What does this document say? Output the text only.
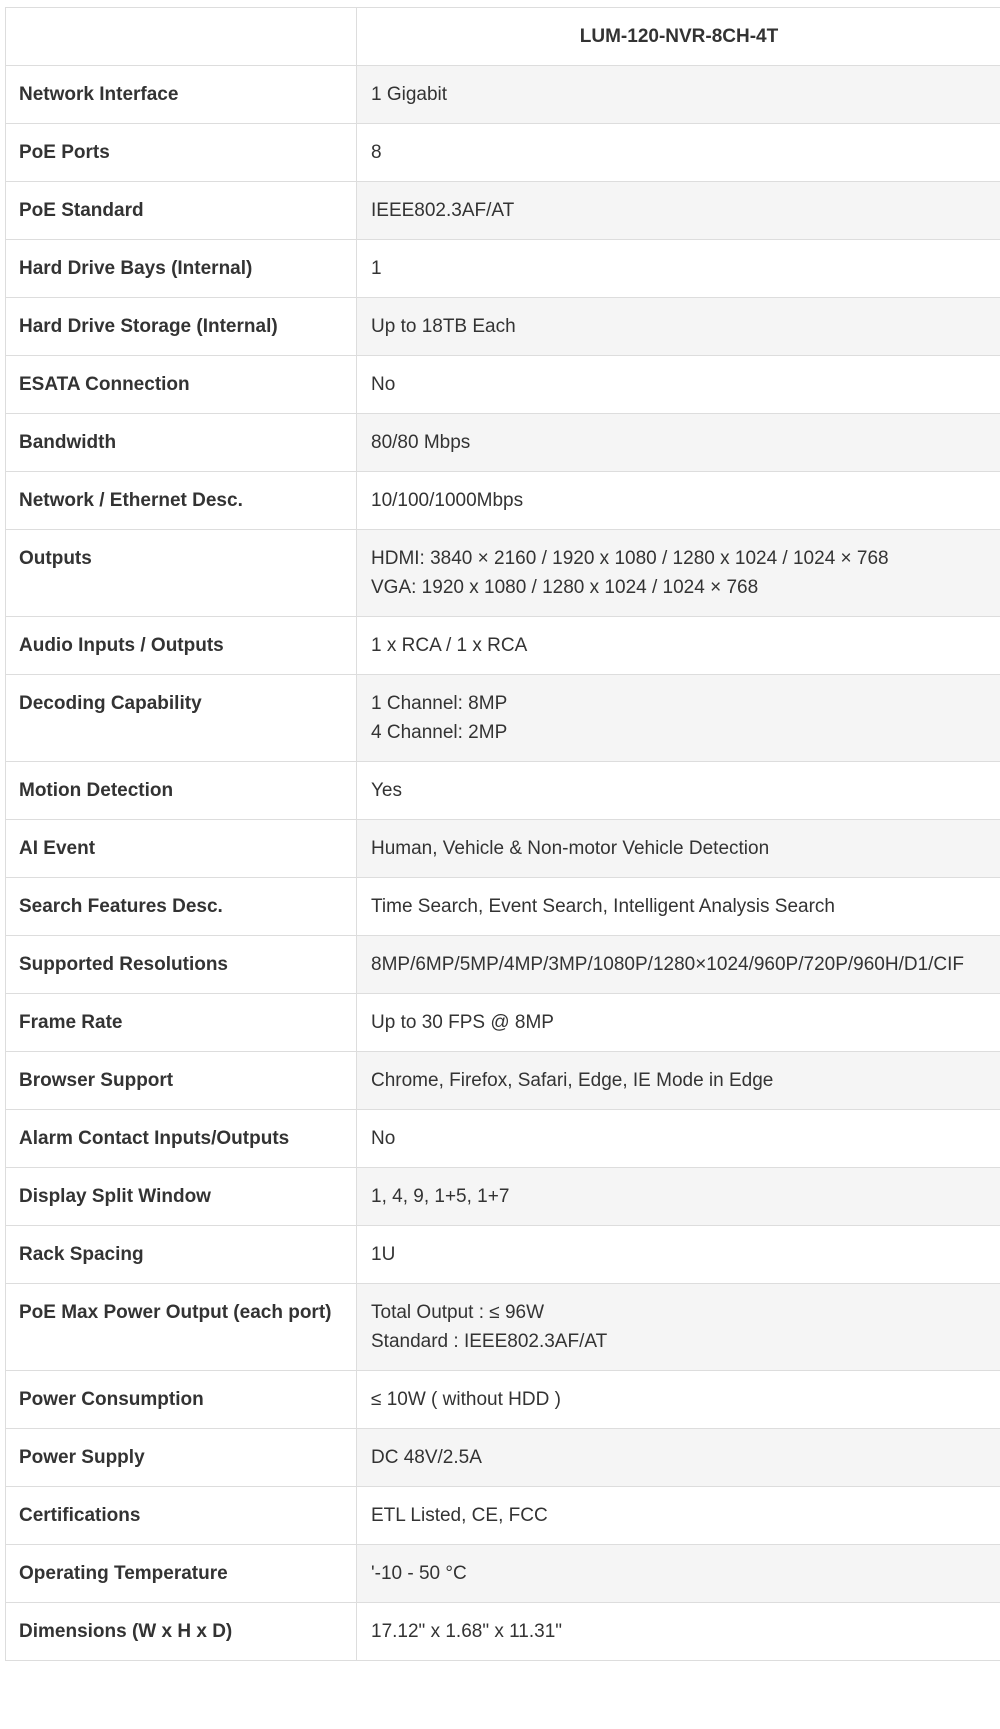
	LUM-120-NVR-8CH-4T
Network Interface	1 Gigabit

PoE Ports	8

PoE Standard	IEEE802.3AF/AT

Hard Drive Bays (Internal)	1

Hard Drive Storage (Internal)	Up to 18TB Each

ESATA Connection	No

Bandwidth	80/80 Mbps

Network / Ethernet Desc.	10/100/1000Mbps

Outputs	HDMI: 3840 × 2160 / 1920 x 1080 / 1280 x 1024 / 1024 × 768
VGA: 1920 x 1080 / 1280 x 1024 / 1024 × 768

Audio Inputs / Outputs	1 x RCA / 1 x RCA

Decoding Capability	1 Channel: 8MP
4 Channel: 2MP

Motion Detection	Yes

AI Event	Human, Vehicle & Non-motor Vehicle Detection

Search Features Desc.	Time Search, Event Search, Intelligent Analysis Search

Supported Resolutions	8MP/6MP/5MP/4MP/3MP/1080P/1280×1024/960P/720P/960H/D1/CIF

Frame Rate	Up to 30 FPS @ 8MP

Browser Support	Chrome, Firefox, Safari, Edge, IE Mode in Edge

Alarm Contact Inputs/Outputs	No

Display Split Window	1, 4, 9, 1+5, 1+7

Rack Spacing	1U

PoE Max Power Output (each port)	Total Output : ≤ 96W
Standard : IEEE802.3AF/AT

Power Consumption	≤ 10W ( without HDD )

Power Supply	DC 48V/2.5A

Certifications	ETL Listed, CE, FCC

Operating Temperature	'-10 - 50 °C

Dimensions (W x H x D)	17.12" x 1.68" x 11.31"
